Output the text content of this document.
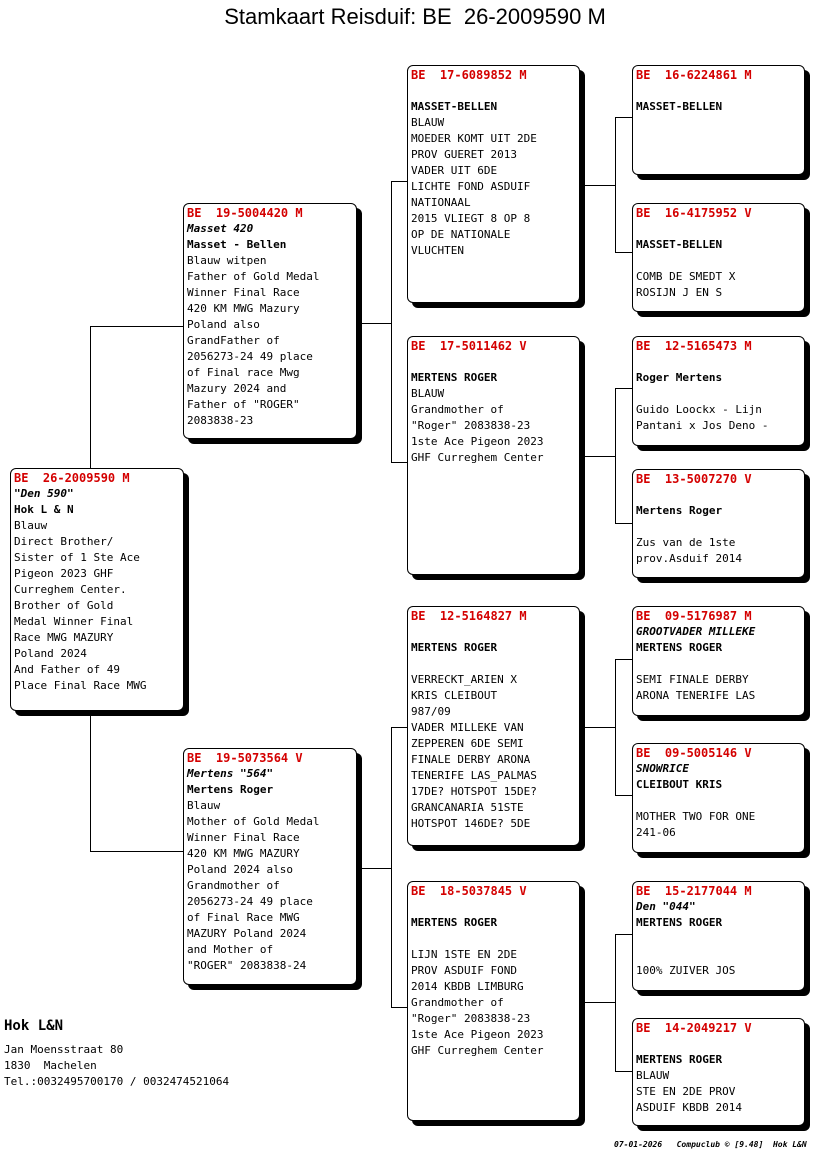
Stamkaart Reisduif: BE  26-2009590 M
BE  26-2009590 M
"Den 590"
Hok L & N
Blauw
Direct Brother/
Sister of 1 Ste Ace
Pigeon 2023 GHF
Curreghem Center.
Brother of Gold
Medal Winner Final
Race MWG MAZURY
Poland 2024
And Father of 49
Place Final Race MWG
BE  19-5004420 M
Masset 420
Masset - Bellen
Blauw witpen
Father of Gold Medal
Winner Final Race
420 KM MWG Mazury
Poland also
GrandFather of
2056273-24 49 place
of Final race Mwg
Mazury 2024 and
Father of "ROGER"
2083838-23
BE  19-5073564 V
Mertens "564"
Mertens Roger
Blauw
Mother of Gold Medal
Winner Final Race
420 KM MWG MAZURY
Poland 2024 also
Grandmother of
2056273-24 49 place
of Final Race MWG
MAZURY Poland 2024
and Mother of
"ROGER" 2083838-24
BE  17-6089852 M
MASSET-BELLEN
BLAUW
MOEDER KOMT UIT 2DE
PROV GUERET 2013
VADER UIT 6DE
LICHTE FOND ASDUIF
NATIONAAL
2015 VLIEGT 8 OP 8
OP DE NATIONALE
VLUCHTEN
BE  17-5011462 V
MERTENS ROGER
BLAUW
Grandmother of
"Roger" 2083838-23
1ste Ace Pigeon 2023
GHF Curreghem Center
BE  12-5164827 M
MERTENS ROGER
VERRECKT_ARIEN X
KRIS CLEIBOUT
987/09
VADER MILLEKE VAN
ZEPPEREN 6DE SEMI
FINALE DERBY ARONA
TENERIFE LAS_PALMAS
17DE? HOTSPOT 15DE?
GRANCANARIA 51STE
HOTSPOT 146DE? 5DE
BE  18-5037845 V
MERTENS ROGER
LIJN 1STE EN 2DE
PROV ASDUIF FOND
2014 KBDB LIMBURG
Grandmother of
"Roger" 2083838-23
1ste Ace Pigeon 2023
GHF Curreghem Center
BE  16-6224861 M
MASSET-BELLEN
BE  16-4175952 V
MASSET-BELLEN
COMB DE SMEDT X
ROSIJN J EN S
BE  12-5165473 M
Roger Mertens
Guido Loockx - Lijn
Pantani x Jos Deno -
BE  13-5007270 V
Mertens Roger
Zus van de 1ste
prov.Asduif 2014
BE  09-5176987 M
GROOTVADER MILLEKE
MERTENS ROGER
SEMI FINALE DERBY
ARONA TENERIFE LAS
BE  09-5005146 V
SNOWRICE
CLEIBOUT KRIS
MOTHER TWO FOR ONE
241-06
BE  15-2177044 M
Den "044"
MERTENS ROGER
100% ZUIVER JOS
BE  14-2049217 V
MERTENS ROGER
BLAUW
STE EN 2DE PROV
ASDUIF KBDB 2014
Hok L&N
Jan Moensstraat 80
1830  Machelen
Tel.:0032495700170 / 0032474521064
07-01-2026   Compuclub © [9.48]  Hok L&N
